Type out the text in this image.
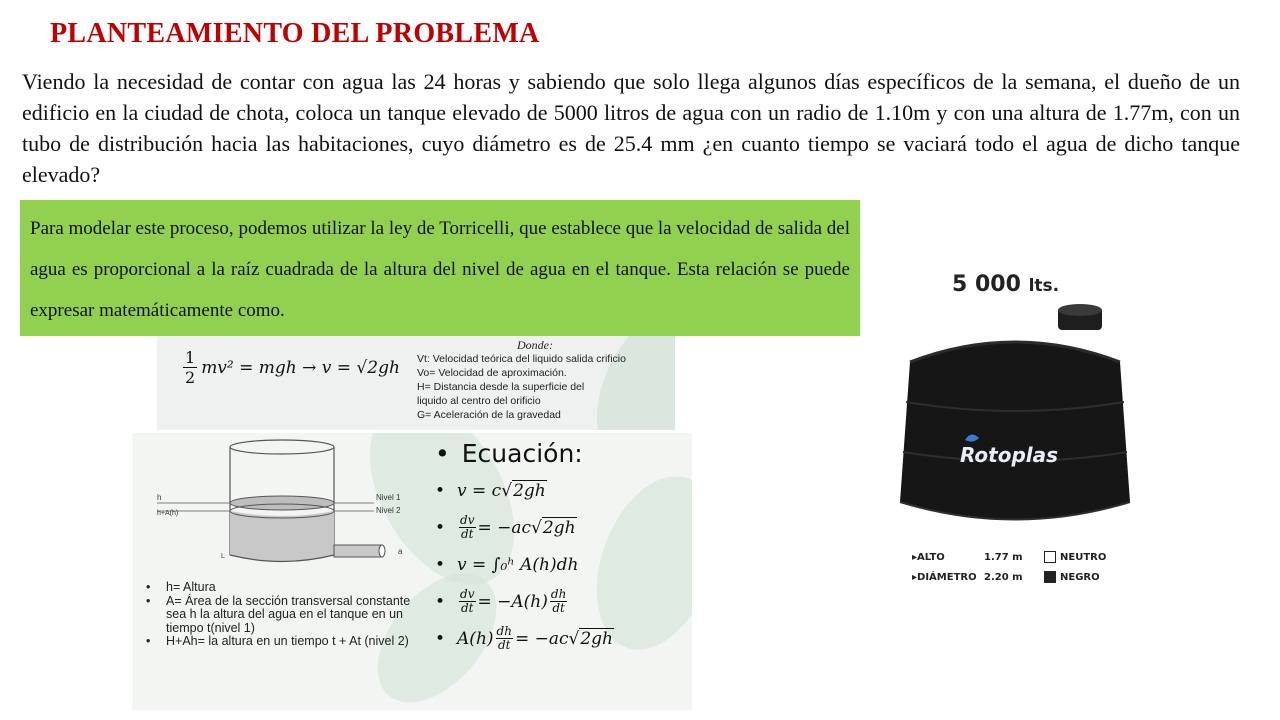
PLANTEAMIENTO DEL PROBLEMA
Viendo la necesidad de contar con agua las 24 horas y sabiendo que solo llega algunos días específicos de la semana, el dueño de un edificio en la ciudad de chota, coloca un tanque elevado de 5000 litros de agua con un radio de 1.10m y con una altura de 1.77m, con un tubo de distribución hacia las habitaciones, cuyo diámetro es de 25.4 mm ¿en cuanto tiempo se vaciará todo el agua de dicho tanque elevado?
Para modelar este proceso, podemos utilizar la ley de Torricelli, que establece que la velocidad de salida del agua es proporcional a la raíz cuadrada de la altura del nivel de agua en el tanque. Esta relación se puede expresar matemáticamente como.
$\frac{1}{2} mv^2$ = mgh → v = √2gh
Donde:
Vt: Velocidad teórica del liquido salida crificio
Vo= Velocidad de aproximación.
H= Distancia desde la superficie del
liquido al centro del orificio
G= Aceleración de la gravedad
h
h+A(h)
Nivel 1
Nivel 2
L
a
• h= Altura
• A= Área de la sección transversal constante sea h la altura del agua en el tanque en un tiempo t(nivel 1)
• H+Ah= la altura en un tiempo t + At (nivel 2)
• Ecuación:
• v = c √ 2gh
• $\frac{dv}{dt} = -ac$ √ 2gh
• v = ∫₀ʰ A(h)dh
• $\frac{dv}{dt} = -A(h) \frac{dh}{dt}$
• $A(h) \frac{dh}{dt} = -ac$ √ 2gh
5 000 lts.
Rotoplas
▸ALTO	1.77 m	NEUTRO
▸DIÁMETRO 2.20 m	NEGRO
